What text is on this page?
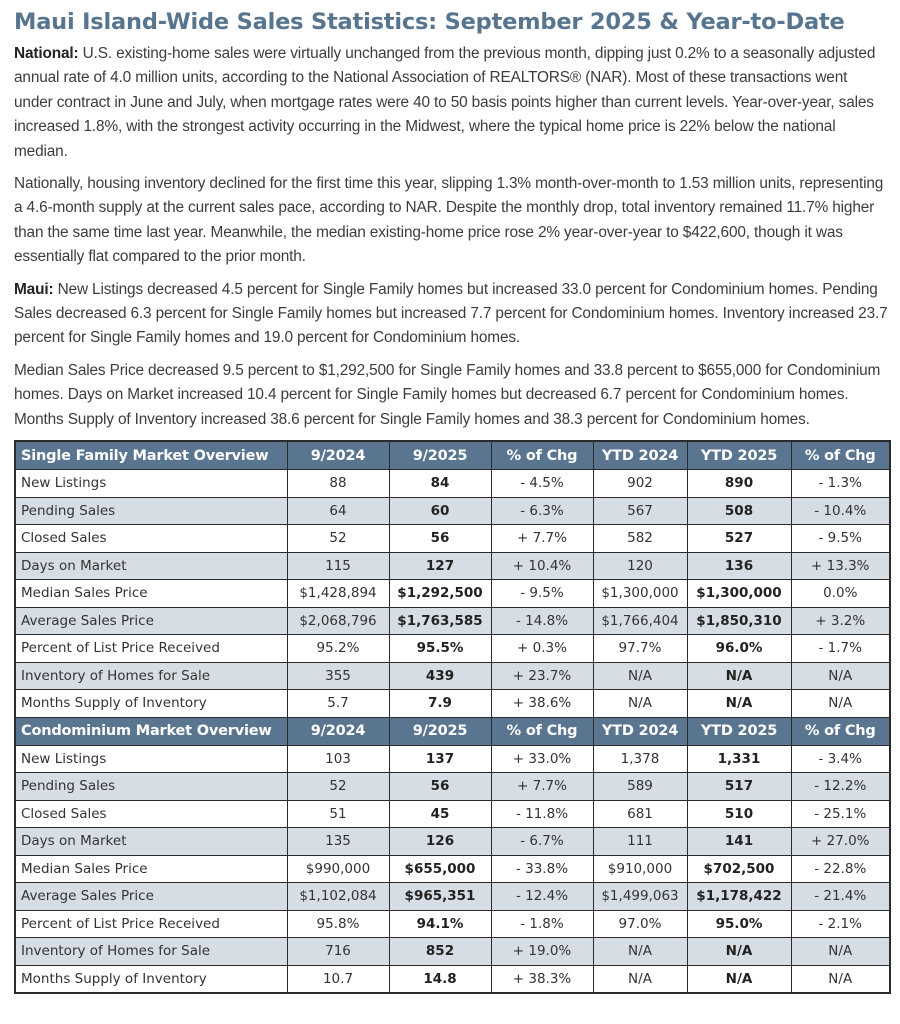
Maui Island-Wide Sales Statistics: September 2025 & Year-to-Date

National: U.S. existing-home sales were virtually unchanged from the previous month, dipping just 0.2% to a seasonally adjusted annual rate of 4.0 million units, according to the National Association of REALTORS® (NAR). Most of these transactions went under contract in June and July, when mortgage rates were 40 to 50 basis points higher than current levels. Year-over-year, sales increased 1.8%, with the strongest activity occurring in the Midwest, where the typical home price is 22% below the national median.

Nationally, housing inventory declined for the first time this year, slipping 1.3% month-over-month to 1.53 million units, representing a 4.6-month supply at the current sales pace, according to NAR. Despite the monthly drop, total inventory remained 11.7% higher than the same time last year. Meanwhile, the median existing-home price rose 2% year-over-year to $422,600, though it was essentially flat compared to the prior month.

Maui: New Listings decreased 4.5 percent for Single Family homes but increased 33.0 percent for Condominium homes. Pending Sales decreased 6.3 percent for Single Family homes but increased 7.7 percent for Condominium homes. Inventory increased 23.7 percent for Single Family homes and 19.0 percent for Condominium homes.

Median Sales Price decreased 9.5 percent to $1,292,500 for Single Family homes and 33.8 percent to $655,000 for Condominium homes. Days on Market increased 10.4 percent for Single Family homes but decreased 6.7 percent for Condominium homes. Months Supply of Inventory increased 38.6 percent for Single Family homes and 38.3 percent for Condominium homes.

Single Family Market Overview	9/2024	9/2025	% of Chg	YTD 2024	YTD 2025	% of Chg
New Listings	88	84	- 4.5%	902	890	- 1.3%
Pending Sales	64	60	- 6.3%	567	508	- 10.4%
Closed Sales	52	56	+ 7.7%	582	527	- 9.5%
Days on Market	115	127	+ 10.4%	120	136	+ 13.3%
Median Sales Price	$1,428,894	$1,292,500	- 9.5%	$1,300,000	$1,300,000	0.0%
Average Sales Price	$2,068,796	$1,763,585	- 14.8%	$1,766,404	$1,850,310	+ 3.2%
Percent of List Price Received	95.2%	95.5%	+ 0.3%	97.7%	96.0%	- 1.7%
Inventory of Homes for Sale	355	439	+ 23.7%	N/A	N/A	N/A
Months Supply of Inventory	5.7	7.9	+ 38.6%	N/A	N/A	N/A
Condominium Market Overview	9/2024	9/2025	% of Chg	YTD 2024	YTD 2025	% of Chg
New Listings	103	137	+ 33.0%	1,378	1,331	- 3.4%
Pending Sales	52	56	+ 7.7%	589	517	- 12.2%
Closed Sales	51	45	- 11.8%	681	510	- 25.1%
Days on Market	135	126	- 6.7%	111	141	+ 27.0%
Median Sales Price	$990,000	$655,000	- 33.8%	$910,000	$702,500	- 22.8%
Average Sales Price	$1,102,084	$965,351	- 12.4%	$1,499,063	$1,178,422	- 21.4%
Percent of List Price Received	95.8%	94.1%	- 1.8%	97.0%	95.0%	- 2.1%
Inventory of Homes for Sale	716	852	+ 19.0%	N/A	N/A	N/A
Months Supply of Inventory	10.7	14.8	+ 38.3%	N/A	N/A	N/A
